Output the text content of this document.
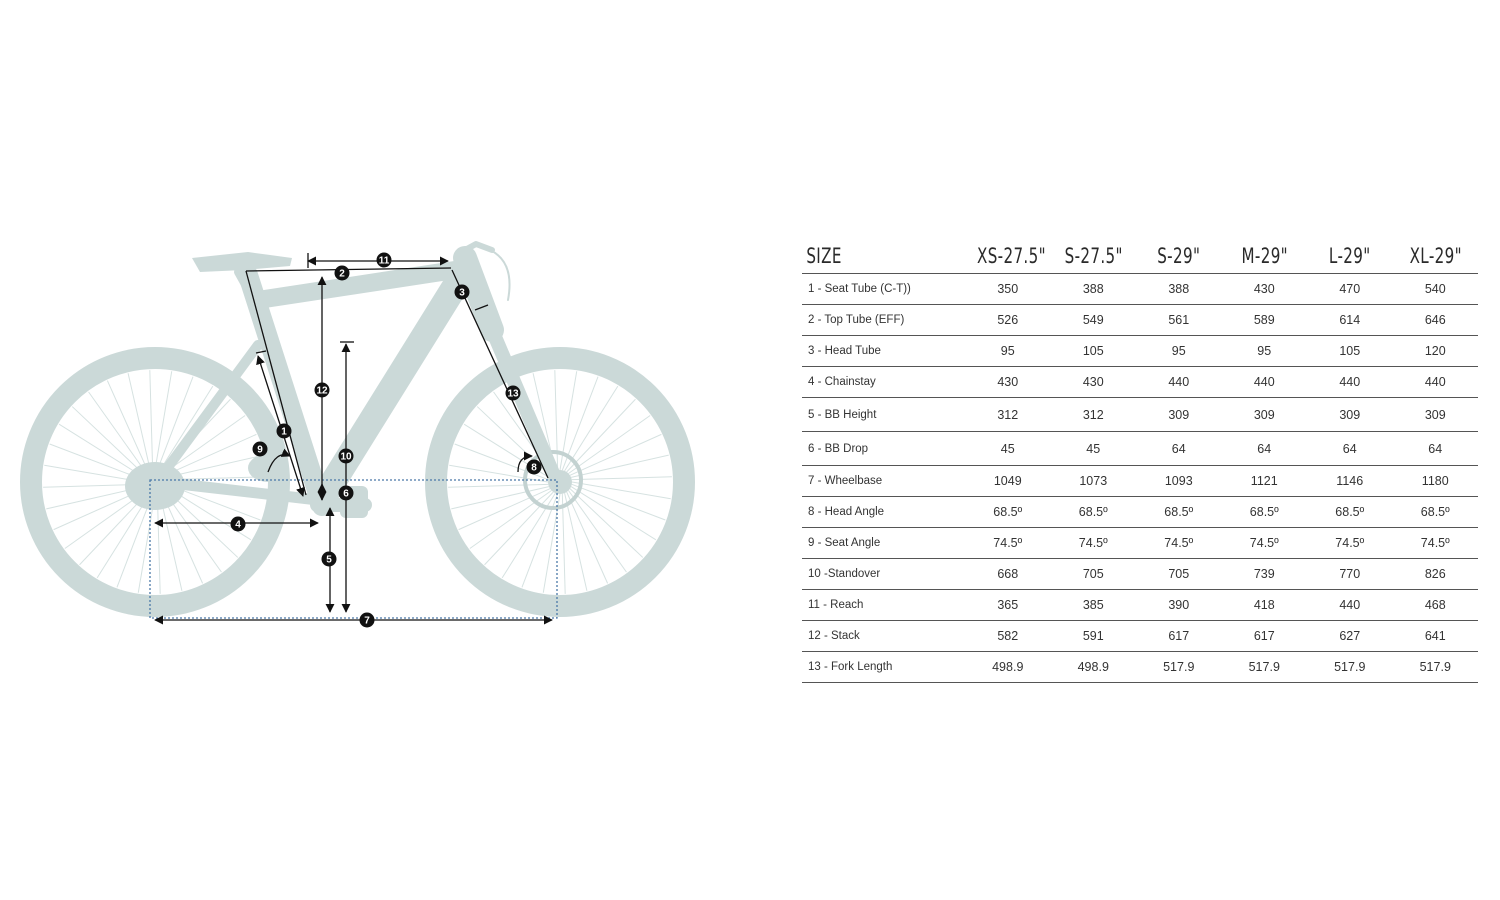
1
2
3
4
5
6
7
8
9
10
11
12	13
SIZE	XS-27.5"	S-27.5"	S-29"	M-29"	L-29"	XL-29"
1 - Seat Tube (C-T))	350	388	388	430	470	540
2 - Top Tube (EFF)	526	549	561	589	614	646
3 - Head Tube	95	105	95	95	105	120
4 - Chainstay	430	430	440	440	440	440
5 - BB Height	312	312	309	309	309	309
6 - BB Drop	45	45	64	64	64	64
7 - Wheelbase	1049	1073	1093	1121	1146	1180
8 - Head Angle	68.5º	68.5º	68.5º	68.5º	68.5º	68.5º
9 - Seat Angle	74.5º	74.5º	74.5º	74.5º	74.5º	74.5º
10 -Standover	668	705	705	739	770	826
11 - Reach	365	385	390	418	440	468
12 - Stack	582	591	617	617	627	641
13 - Fork Length	498.9	498.9	517.9	517.9	517.9	517.9
